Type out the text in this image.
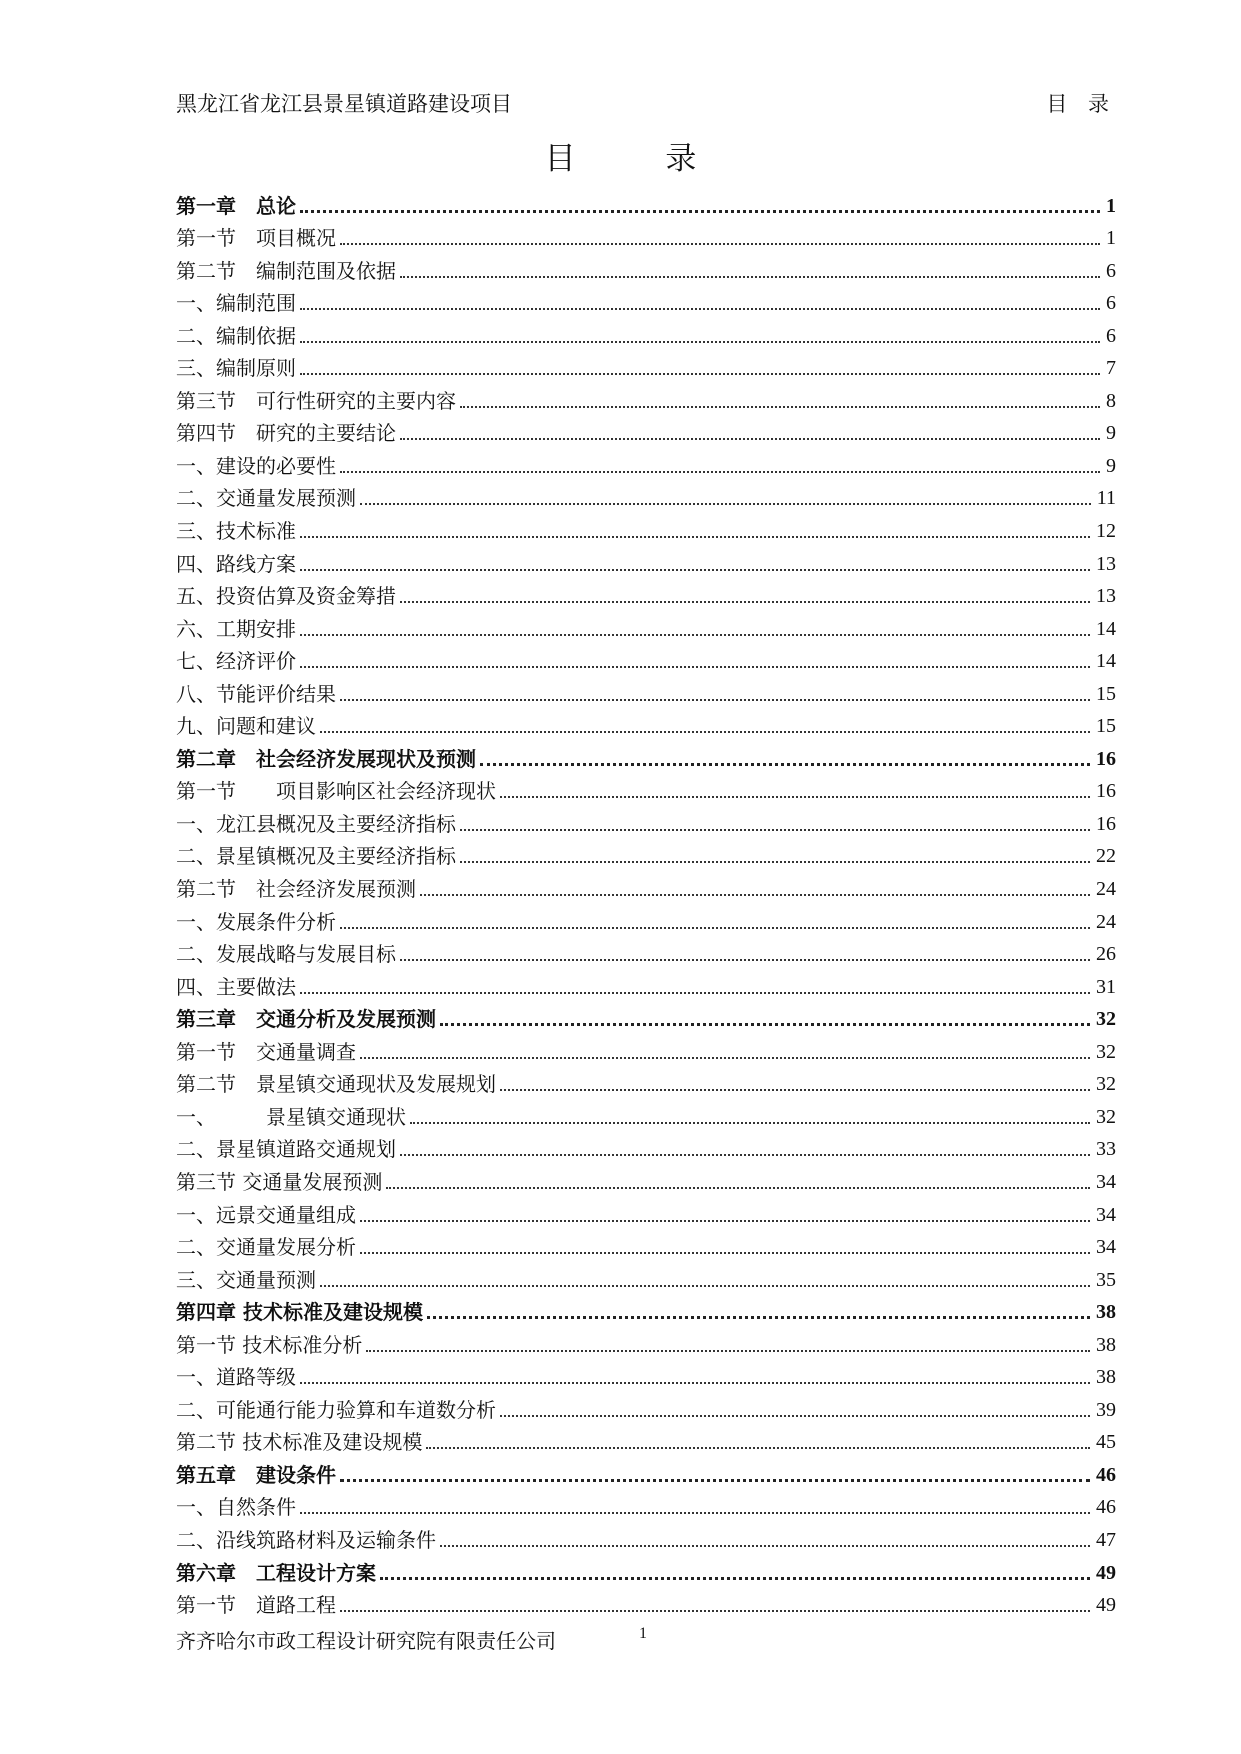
黑龙江省龙江县景星镇道路建设项目	目 录
目 录
第一章　总论	1
第一节　项目概况	1
第二节　编制范围及依据	6
一、编制范围	6
二、编制依据	6
三、编制原则	7
第三节　可行性研究的主要内容	8
第四节　研究的主要结论	9
一、建设的必要性	9
二、交通量发展预测	11
三、技术标准	12
四、路线方案	13
五、投资估算及资金筹措	13
六、工期安排	14
七、经济评价	14
八、节能评价结果	15
九、问题和建议	15
第二章　社会经济发展现状及预测	16
第一节　　项目影响区社会经济现状	16
一、龙江县概况及主要经济指标	16
二、景星镇概况及主要经济指标	22
第二节　社会经济发展预测	24
一、发展条件分析	24
二、发展战略与发展目标	26
四、主要做法	31
第三章　交通分析及发展预测	32
第一节　交通量调查	32
第二节　景星镇交通现状及发展规划	32
一、　　　景星镇交通现状	32
二、景星镇道路交通规划	33
第三节 交通量发展预测	34
一、远景交通量组成	34
二、交通量发展分析	34
三、交通量预测	35
第四章 技术标准及建设规模	38
第一节 技术标准分析	38
一、道路等级	38
二、可能通行能力验算和车道数分析	39
第二节 技术标准及建设规模	45
第五章　建设条件	46
一、自然条件	46
二、沿线筑路材料及运输条件	47
第六章　工程设计方案	49
第一节　道路工程	49
齐齐哈尔市政工程设计研究院有限责任公司	1
